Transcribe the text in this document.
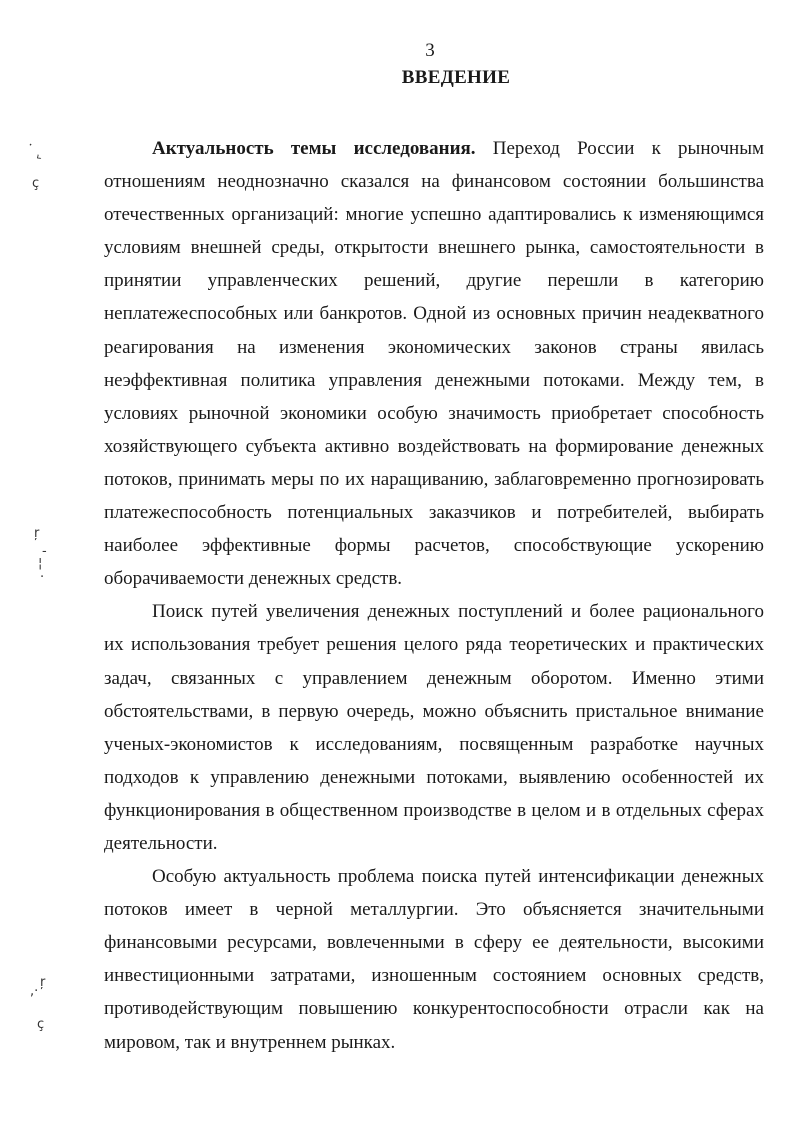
3
ВВЕДЕНИЕ

Актуальность темы исследования. Переход России к рыночным отношениям неоднозначно сказался на финансовом состоянии большинства отечественных организаций: многие успешно адаптировались к изменяющимся условиям внешней среды, открытости внешнего рынка, самостоятельности в принятии управленческих решений, другие перешли в категорию неплатежеспособных или банкротов. Одной из основных причин неадекватного реагирования на изменения экономических законов страны явилась неэффективная политика управления денежными потоками. Между тем, в условиях рыночной экономики особую значимость приобретает способность хозяйствующего субъекта активно воздействовать на формирование денежных потоков, принимать меры по их наращиванию, заблаговременно прогнозировать платежеспособность потенциальных заказчиков и потребителей, выбирать наиболее эффективные формы расчетов, способствующие ускорению оборачиваемости денежных средств.

Поиск путей увеличения денежных поступлений и более рационального их использования требует решения целого ряда теоретических и практических задач, связанных с управлением денежным оборотом. Именно этими обстоятельствами, в первую очередь, можно объяснить пристальное внимание ученых-экономистов к исследованиям, посвященным разработке научных подходов к управлению денежными потоками, выявлению особенностей их функционирования в общественном производстве в целом и в отдельных сферах деятельности.

Особую актуальность проблема поиска путей интенсификации денежных потоков имеет в черной металлургии. Это объясняется значительными финансовыми ресурсами, вовлеченными в сферу ее деятельности, высокими инвестиционными затратами, изношенным состоянием основных средств, противодействующим повышению конкурентоспособности отрасли как на мировом, так и внутреннем рынках.

·
‹
ç
ŗ
-
¦
·
ŗ
,·
ç
